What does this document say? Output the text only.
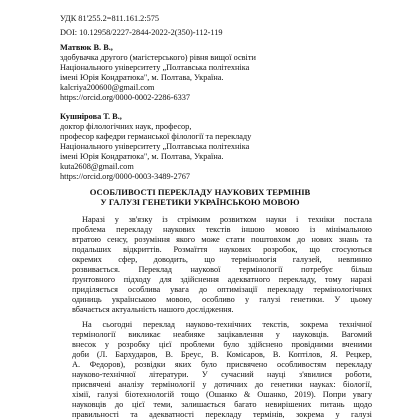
УДК 81'255.2=811.161.2:575
DOI: 10.12958/2227-2844-2022-2(350)-112-119
Матвюк В. В.,
здобувачка другого (магістерського) рівня вищої освіти
Національного університету „Полтавська політехніка
імені Юрія Кондратюка", м. Полтава, Україна.
kalcriya200600@gmail.com
https://orcid.org/0000-0002-2286-6337
Кушнірова Т. В.,
доктор філологічних наук, професор,
професор кафедри германської філології та перекладу
Національного університету „Полтавська політехніка
імені Юрія Кондратюка", м. Полтава, Україна.
kuta2608@gmail.com
https://orcid.org/0000-0003-3489-2767
ОСОБЛИВОСТІ ПЕРЕКЛАДУ НАУКОВИХ ТЕРМІНІВ
У ГАЛУЗІ ГЕНЕТИКИ УКРАЇНСЬКОЮ МОВОЮ
Наразі у зв'язку із стрімким розвитком науки і техніки постала
проблема перекладу наукових текстів іншою мовою із мінімальною
втратою сенсу, розуміння якого може стати поштовхом до нових знань та
подальших відкриттів. Розмаїття наукових розробок, що стосуються
окремих сфер, доводить, що термінологія галузей, невпинно
розвивається. Переклад наукової термінології потребує більш
ґрунтовного підходу для здійснення адекватного перекладу, тому наразі
приділяється особлива увага до оптимізації перекладу термінологічних
одиниць українською мовою, особливо у галузі генетики. У цьому
вбачається актуальність нашого дослідження.
На сьогодні переклад науково-технічних текстів, зокрема технічної
термінології викликає неабияке зацікавлення у науковців. Вагомий
внесок у розробку цієї проблеми було здійснено провідними вченими
доби (Л. Бархударов, В. Бреус, В. Комісаров, В. Коптілов, Я. Рецкер,
А. Федоров), розвідки яких було присвячено особливостям перекладу
науково-технічної літератури. У сучасний науці з'явилися роботи,
присвячені аналізу термінології у дотичних до генетики науках: біології,
хімії, галузі біотехнологій тощо (Ошанко & Ошанко, 2019). Попри увагу
науковців до цієї теми, залишається багато невирішених питань щодо
правильності та адекватності перекладу термінів, зокрема у галузі
